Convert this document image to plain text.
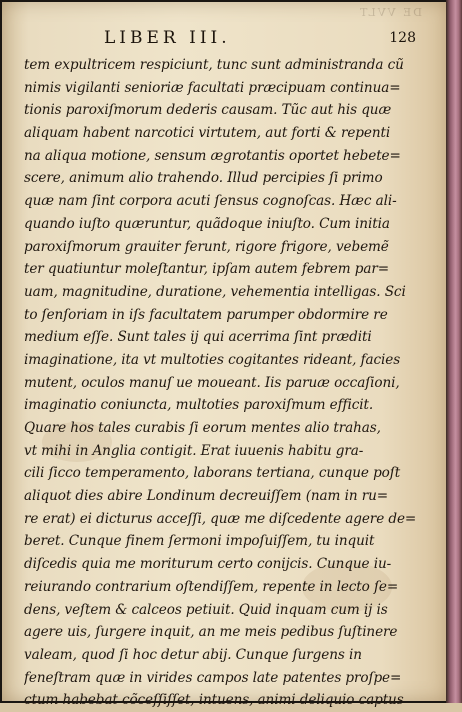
DE VVLT
LIBER III.	128
tem expultricem respiciunt, tunc sunt administranda cũ
nimis vigilanti senioriæ facultati præcipuam continua=
tionis paroxiſmorum dederis causam. Tũc aut his quæ
aliquam habent narcotici virtutem, aut forti & repenti
na aliqua motione, sensum ægrotantis oportet hebete=
scere, animum alio trahendo. Illud percipies ſi primo
quæ nam ſint corpora acuti ſensus cognoſcas. Hæc ali-
quando iuſto quæruntur, quãdoque iniuſto. Cum initia
paroxiſmorum grauiter ferunt, rigore frigore, vebemẽ
ter quatiuntur moleſtantur, ipſam autem febrem par=
uam, magnitudine, duratione, vehementia intelligas. Sci
to ſenſoriam in iſs facultatem parumper obdormire re
medium eſſe. Sunt tales ij qui acerrima ſint præditi
imaginatione, ita vt multoties cogitantes rideant, facies
mutent, oculos manuſ ue moueant. Iis paruæ occaſioni,
imaginatio coniuncta, multoties paroxiſmum efficit.
Quare hos tales curabis ſi eorum mentes alio trahas,
vt mihi in Anglia contigit. Erat iuuenis habitu gra-
cili ſicco temperamento, laborans tertiana, cunque poſt
aliquot dies abire Londinum decreuiſſem (nam in ru=
re erat) ei dicturus acceſſi, quæ me diſcedente agere de=
beret. Cunque finem ſermoni impoſuiſſem, tu inquit
diſcedis quia me moriturum certo conijcis. Cunque iu-
reiurando contrarium oſtendiſſem, repente in lecto ſe=
dens, veſtem & calceos petiuit. Quid inquam cum ij is
agere uis, ſurgere inquit, an me meis pedibus ſuſtinere
valeam, quod ſi hoc detur abij. Cunque ſurgens in
feneſtram quæ in virides campos late patentes proſpe=
ctum habebat cõceſſiſſet, intuens, animi deliquio captus
